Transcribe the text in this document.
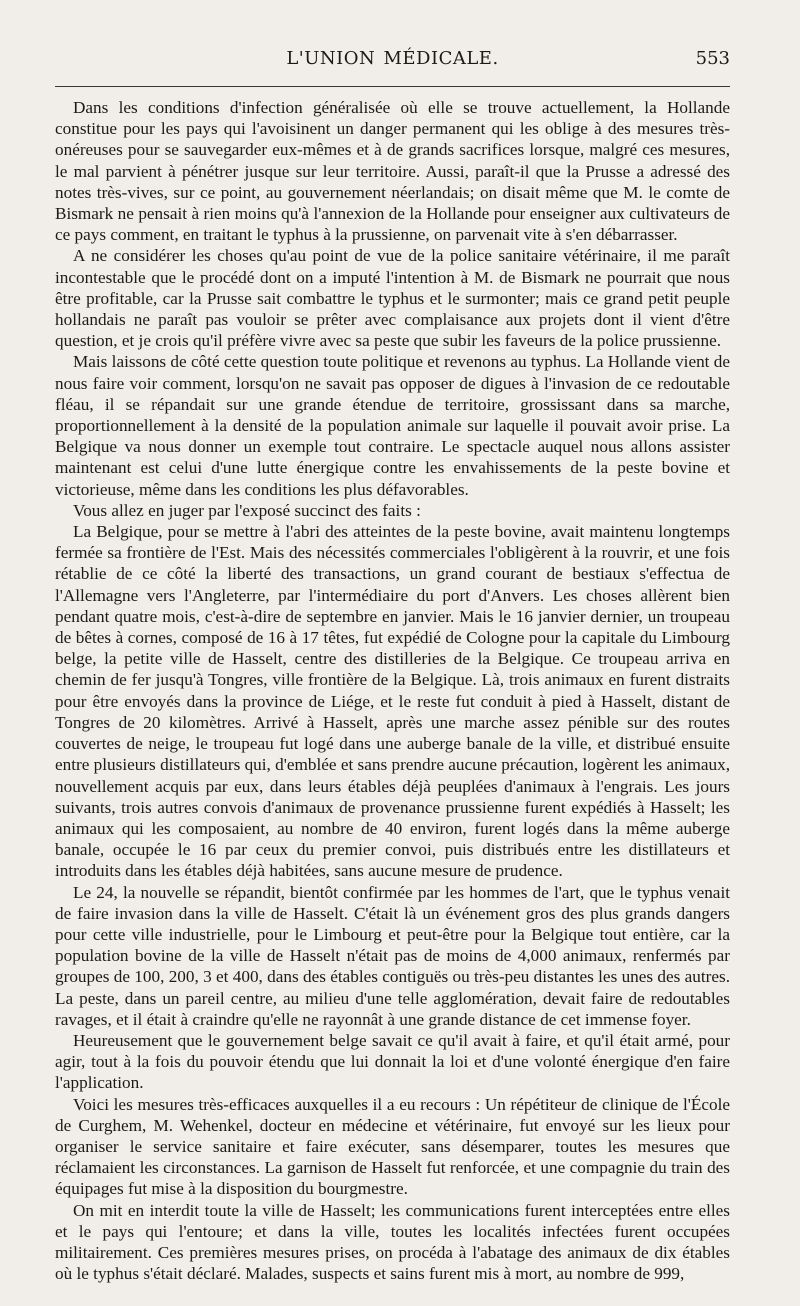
L'UNION MÉDICALE.	553

Dans les conditions d'infection généralisée où elle se trouve actuellement, la Hollande constitue pour les pays qui l'avoisinent un danger permanent qui les oblige à des mesures très-onéreuses pour se sauvegarder eux-mêmes et à de grands sacrifices lorsque, malgré ces mesures, le mal parvient à pénétrer jusque sur leur territoire. Aussi, paraît-il que la Prusse a adressé des notes très-vives, sur ce point, au gouvernement néerlandais; on disait même que M. le comte de Bismark ne pensait à rien moins qu'à l'annexion de la Hollande pour enseigner aux cultivateurs de ce pays comment, en traitant le typhus à la prussienne, on parvenait vite à s'en débarrasser.

A ne considérer les choses qu'au point de vue de la police sanitaire vétérinaire, il me paraît incontestable que le procédé dont on a imputé l'intention à M. de Bismark ne pourrait que nous être profitable, car la Prusse sait combattre le typhus et le surmonter; mais ce grand petit peuple hollandais ne paraît pas vouloir se prêter avec complaisance aux projets dont il vient d'être question, et je crois qu'il préfère vivre avec sa peste que subir les faveurs de la police prussienne.

Mais laissons de côté cette question toute politique et revenons au typhus. La Hollande vient de nous faire voir comment, lorsqu'on ne savait pas opposer de digues à l'invasion de ce redoutable fléau, il se répandait sur une grande étendue de territoire, grossissant dans sa marche, proportionnellement à la densité de la population animale sur laquelle il pouvait avoir prise. La Belgique va nous donner un exemple tout contraire. Le spectacle auquel nous allons assister maintenant est celui d'une lutte énergique contre les envahissements de la peste bovine et victorieuse, même dans les conditions les plus défavorables.

Vous allez en juger par l'exposé succinct des faits :

La Belgique, pour se mettre à l'abri des atteintes de la peste bovine, avait maintenu longtemps fermée sa frontière de l'Est. Mais des nécessités commerciales l'obligèrent à la rouvrir, et une fois rétablie de ce côté la liberté des transactions, un grand courant de bestiaux s'effectua de l'Allemagne vers l'Angleterre, par l'intermédiaire du port d'Anvers. Les choses allèrent bien pendant quatre mois, c'est-à-dire de septembre en janvier. Mais le 16 janvier dernier, un troupeau de bêtes à cornes, composé de 16 à 17 têtes, fut expédié de Cologne pour la capitale du Limbourg belge, la petite ville de Hasselt, centre des distilleries de la Belgique. Ce troupeau arriva en chemin de fer jusqu'à Tongres, ville frontière de la Belgique. Là, trois animaux en furent distraits pour être envoyés dans la province de Liége, et le reste fut conduit à pied à Hasselt, distant de Tongres de 20 kilomètres. Arrivé à Hasselt, après une marche assez pénible sur des routes couvertes de neige, le troupeau fut logé dans une auberge banale de la ville, et distribué ensuite entre plusieurs distillateurs qui, d'emblée et sans prendre aucune précaution, logèrent les animaux, nouvellement acquis par eux, dans leurs étables déjà peuplées d'animaux à l'engrais. Les jours suivants, trois autres convois d'animaux de provenance prussienne furent expédiés à Hasselt; les animaux qui les composaient, au nombre de 40 environ, furent logés dans la même auberge banale, occupée le 16 par ceux du premier convoi, puis distribués entre les distillateurs et introduits dans les étables déjà habitées, sans aucune mesure de prudence.

Le 24, la nouvelle se répandit, bientôt confirmée par les hommes de l'art, que le typhus venait de faire invasion dans la ville de Hasselt. C'était là un événement gros des plus grands dangers pour cette ville industrielle, pour le Limbourg et peut-être pour la Belgique tout entière, car la population bovine de la ville de Hasselt n'était pas de moins de 4,000 animaux, renfermés par groupes de 100, 200, 3 et 400, dans des étables contiguës ou très-peu distantes les unes des autres. La peste, dans un pareil centre, au milieu d'une telle agglomération, devait faire de redoutables ravages, et il était à craindre qu'elle ne rayonnât à une grande distance de cet immense foyer.

Heureusement que le gouvernement belge savait ce qu'il avait à faire, et qu'il était armé, pour agir, tout à la fois du pouvoir étendu que lui donnait la loi et d'une volonté énergique d'en faire l'application.

Voici les mesures très-efficaces auxquelles il a eu recours : Un répétiteur de clinique de l'École de Curghem, M. Wehenkel, docteur en médecine et vétérinaire, fut envoyé sur les lieux pour organiser le service sanitaire et faire exécuter, sans désemparer, toutes les mesures que réclamaient les circonstances. La garnison de Hasselt fut renforcée, et une compagnie du train des équipages fut mise à la disposition du bourgmestre.

On mit en interdit toute la ville de Hasselt; les communications furent interceptées entre elles et le pays qui l'entoure; et dans la ville, toutes les localités infectées furent occupées militairement. Ces premières mesures prises, on procéda à l'abatage des animaux de dix étables où le typhus s'était déclaré. Malades, suspects et sains furent mis à mort, au nombre de 999,
